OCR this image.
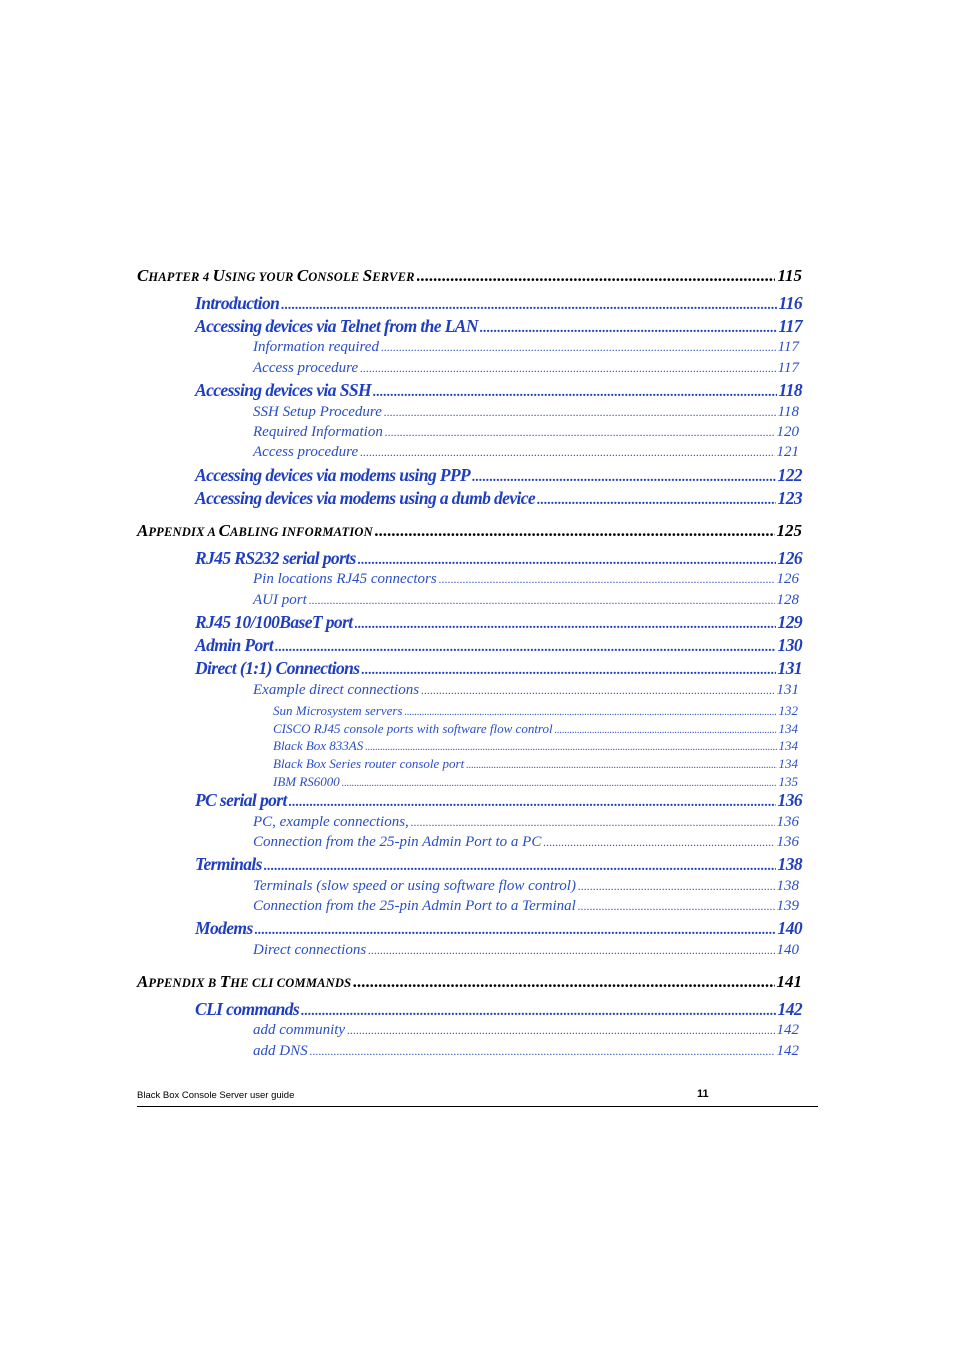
CHAPTER 4 USING YOUR CONSOLE SERVER .....	115
Introduction .....	116
Accessing devices via Telnet from the LAN .....	117
Information required .....	117
Access procedure .....	117
Accessing devices via SSH .....	118
SSH Setup Procedure .....	118
Required Information .....	120
Access procedure .....	121
Accessing devices via modems using PPP .....	122
Accessing devices via modems using a dumb device .....	123
APPENDIX A CABLING INFORMATION .....	125
RJ45 RS232 serial ports .....	126
Pin locations RJ45 connectors .....	126
AUI port .....	128
RJ45 10/100BaseT port .....	129
Admin Port .....	130
Direct (1:1) Connections .....	131
Example direct connections .....	131
Sun Microsystem servers .....	132
CISCO RJ45 console ports with software flow control .....	134
Black Box 833AS .....	134
Black Box Series router console port .....	134
IBM RS6000 .....	135
PC serial port .....	136
PC, example connections, .....	136
Connection from the 25-pin Admin Port to a PC .....	136
Terminals .....	138
Terminals (slow speed or using software flow control) .....	138
Connection from the 25-pin Admin Port to a Terminal .....	139
Modems .....	140
Direct connections .....	140
APPENDIX B THE CLI COMMANDS .....	141
CLI commands .....	142
add community .....	142
add DNS .....	142
Black Box Console Server user guide	11
